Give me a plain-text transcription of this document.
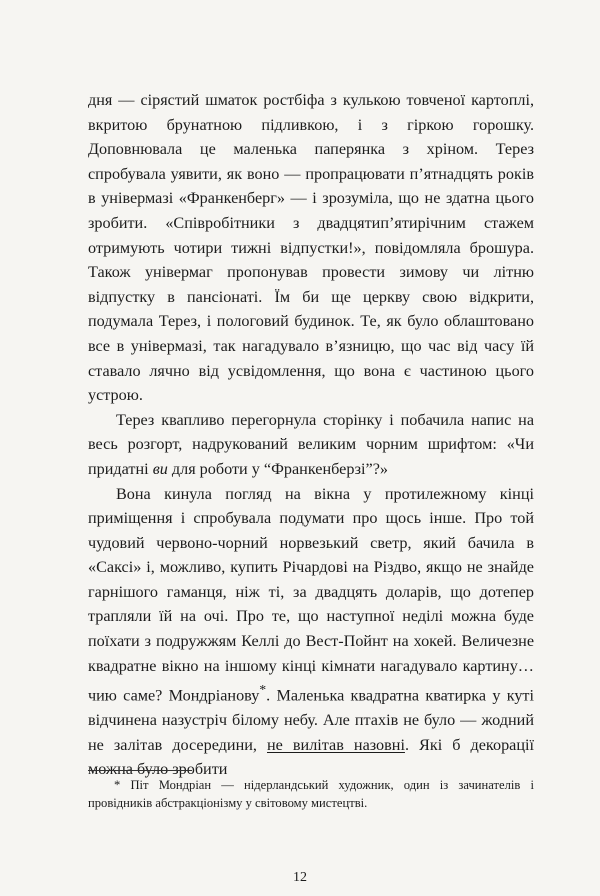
дня — сірястий шматок ростбіфа з кулькою товченої картоплі, вкритою брунатною підливкою, і з гіркою горошку. Доповнювала це маленька паперянка з хріном. Терез спробувала уявити, як воно — пропрацювати пʼятнадцять років в універмазі «Франкенберг» — і зрозуміла, що не здатна цього зробити. «Співробітники з двадцятипʼятирічним стажем отримують чотири тижні відпустки!», повідомляла брошура. Також універмаг пропонував провести зимову чи літню відпустку в пансіонаті. Їм би ще церкву свою відкрити, подумала Терез, і пологовий будинок. Те, як було облаштовано все в універмазі, так нагадувало вʼязницю, що час від часу їй ставало лячно від усвідомлення, що вона є частиною цього устрою.

Терез квапливо перегорнула сторінку і побачила напис на весь розгорт, надрукований великим чорним шрифтом: «Чи придатні ви для роботи у “Франкенберзі”?»

Вона кинула погляд на вікна у протилежному кінці приміщення і спробувала подумати про щось інше. Про той чудовий червоно-чорний норвезький светр, який бачила в «Саксі» і, можливо, купить Річардові на Різдво, якщо не знайде гарнішого гаманця, ніж ті, за двадцять доларів, що дотепер трапляли їй на очі. Про те, що наступної неділі можна буде поїхати з подружжям Келлі до Вест-Пойнт на хокей. Величезне квадратне вікно на іншому кінці кімнати нагадувало картину… чию саме? Мондріанову*. Маленька квадратна кватирка у куті відчинена назустріч білому небу. Але птахів не було — жодний не залітав досередини, не вилітав назовні. Які б декорації можна було зробити

* Піт Мондріан — нідерландський художник, один із зачинателів і провідників абстракціонізму у світовому мистецтві.

12
